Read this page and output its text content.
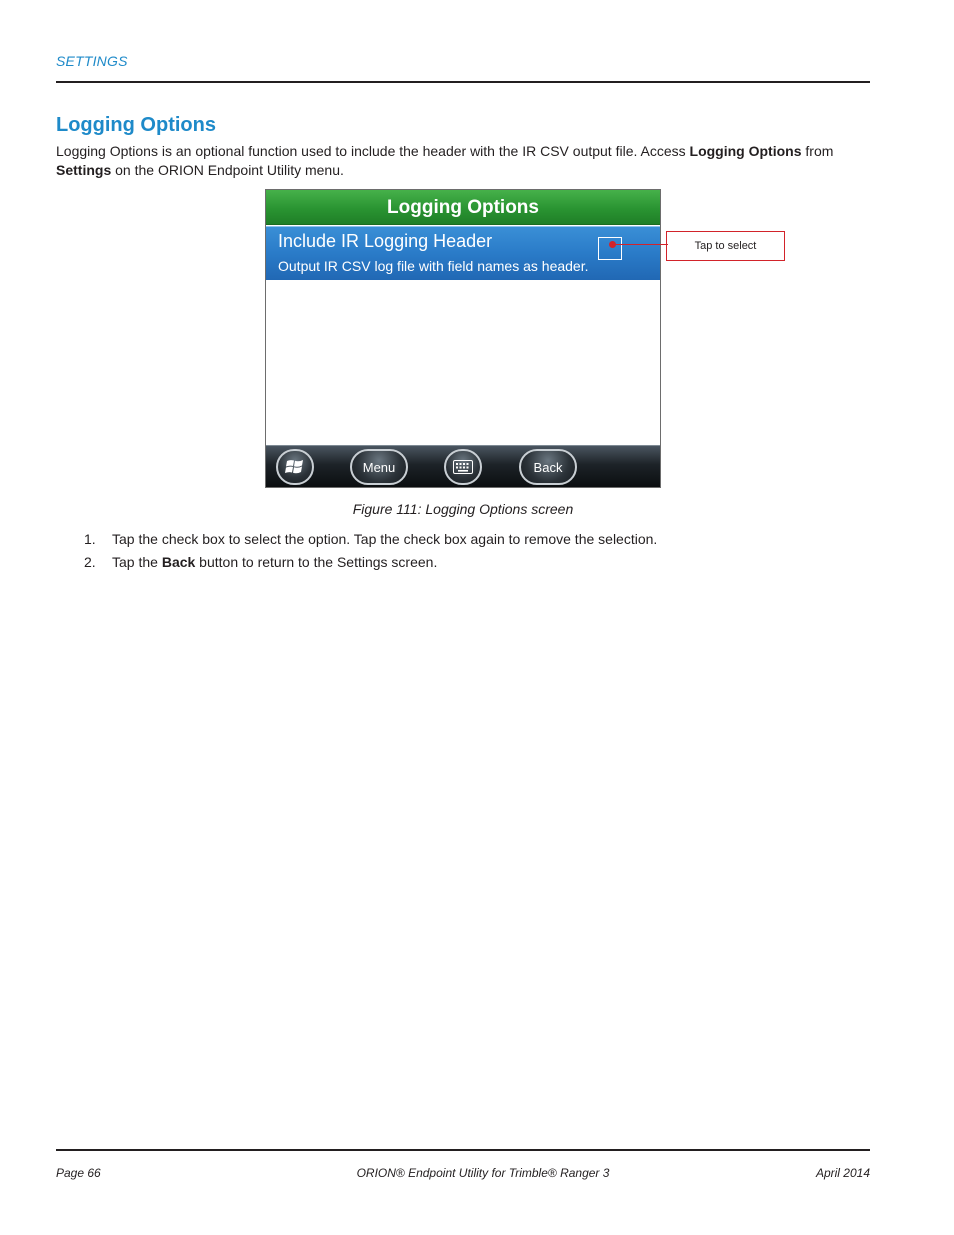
SETTINGS
Logging Options

Logging Options is an optional function used to include the header with the IR CSV output file. Access Logging Options from Settings on the ORION Endpoint Utility menu.

Logging Options
Include IR Logging Header
Output IR CSV log file with field names as header.
Menu	Back
Tap to select
Figure 111: Logging Options screen
1.	Tap the check box to select the option. Tap the check box again to remove the selection.
2.	Tap the Back button to return to the Settings screen.
Page 66	ORION® Endpoint Utility for Trimble® Ranger 3	April 2014
